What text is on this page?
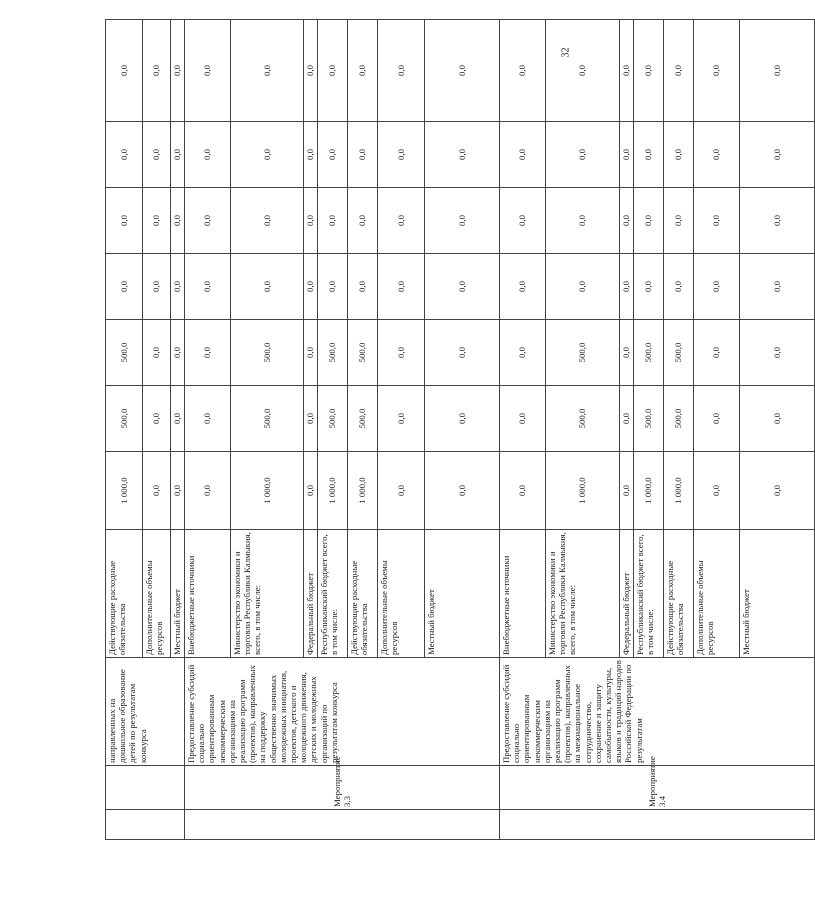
32
		направленных на дошкольное образование детей по результатам конкурса	Действующие расходные обязательства	1 000,0	500,0	500,0	0,0	0,0	0,0	0,0
			Дополнительные объемы ресурсов	0,0	0,0	0,0	0,0	0,0	0,0	0,0
			Местный бюджет	0,0	0,0	0,0	0,0	0,0	0,0	0,0
	Мероприятие 3.3	Предоставление субсидий социально ориентированным некоммерческим организациям на реализацию программ (проектов), направленных на поддержку общественно значимых молодежных инициатив, проектов, детского и молодежного движения, детских и молодежных организаций по результатам конкурса	Внебюджетные источники	0,0	0,0	0,0	0,0	0,0	0,0	0,0
			Министерство экономики и торговли Республики Калмыкия, всего, в том числе:	1 000,0	500,0	500,0	0,0	0,0	0,0	0,0
			Федеральный бюджет	0,0	0,0	0,0	0,0	0,0	0,0	0,0
			Республиканский бюджет всего, в том числе:	1 000,0	500,0	500,0	0,0	0,0	0,0	0,0
			Действующие расходные обязательства	1 000,0	500,0	500,0	0,0	0,0	0,0	0,0
			Дополнительные объемы ресурсов	0,0	0,0	0,0	0,0	0,0	0,0	0,0
			Местный бюджет	0,0	0,0	0,0	0,0	0,0	0,0	0,0
	Мероприятие 3.4	Предоставление субсидий социально ориентированным некоммерческим организациям на реализацию программ (проектов), направленных на межнациональное сотрудничество, сохранение и защиту самобытности, культуры, языков и традиций народов Российской Федерации по результатам	Внебюджетные источники	0,0	0,0	0,0	0,0	0,0	0,0	0,0
			Министерство экономики и торговли Республики Калмыкия, всего, в том числе:	1 000,0	500,0	500,0	0,0	0,0	0,0	0,0
			Федеральный бюджет	0,0	0,0	0,0	0,0	0,0	0,0	0,0
			Республиканский бюджет всего, в том числе:	1 000,0	500,0	500,0	0,0	0,0	0,0	0,0
			Действующие расходные обязательства	1 000,0	500,0	500,0	0,0	0,0	0,0	0,0
			Дополнительные объемы ресурсов	0,0	0,0	0,0	0,0	0,0	0,0	0,0
			Местный бюджет	0,0	0,0	0,0	0,0	0,0	0,0	0,0
